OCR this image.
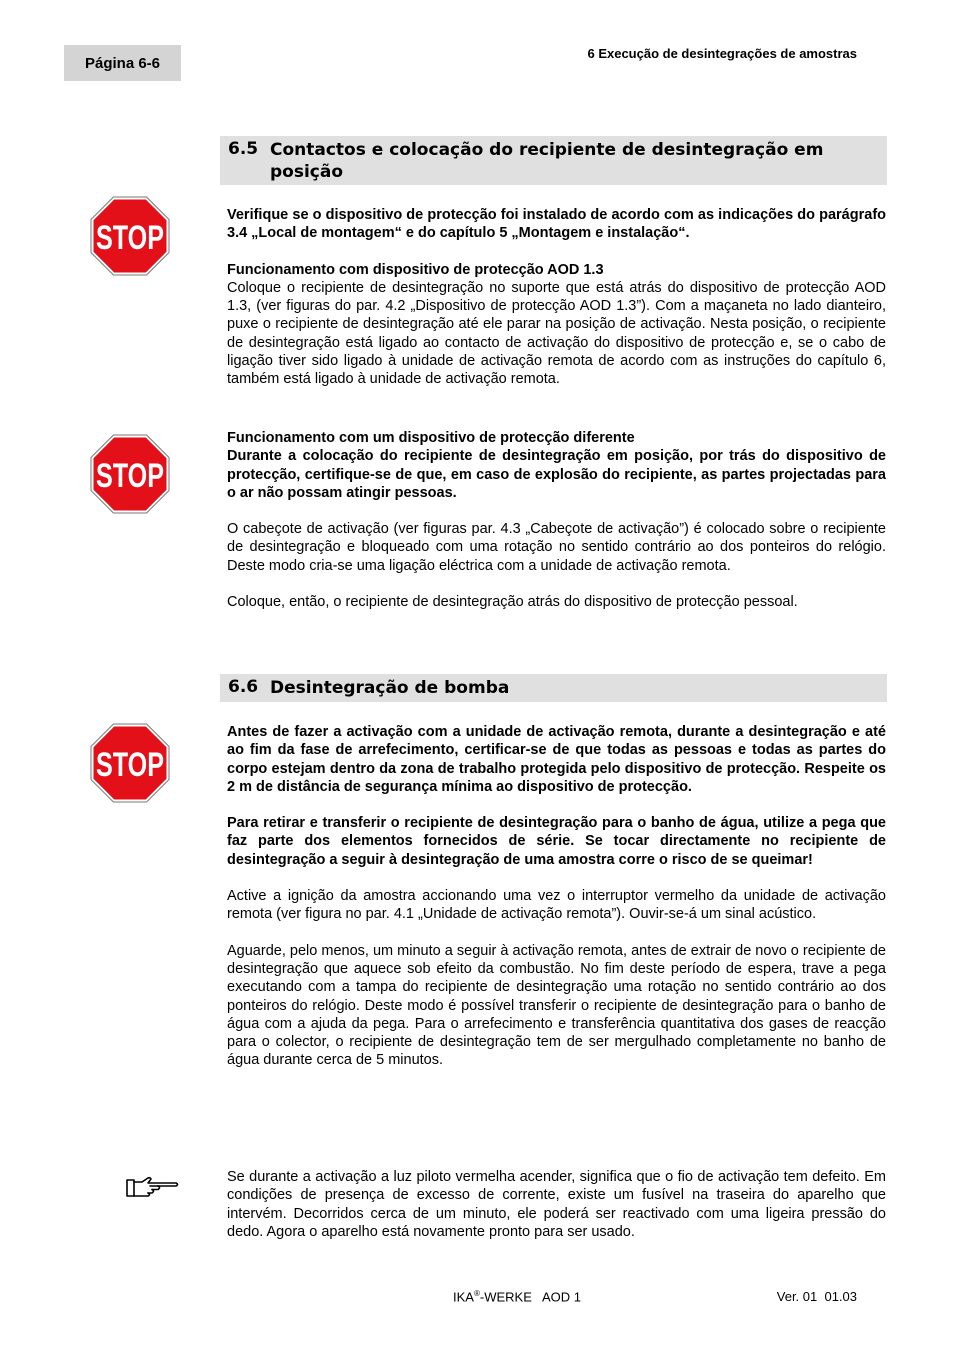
Página 6-6
6 Execução de desintegrações de amostras
6.5 Contactos e colocação do recipiente de desintegração em posição
STOP

Verifique se o dispositivo de protecção foi instalado de acordo com as indicações do parágrafo 3.4 „Local de montagem“ e do capítulo 5 „Montagem e instalação“.

Funcionamento com dispositivo de protecção AOD 1.3

Coloque o recipiente de desintegração no suporte que está atrás do dispositivo de protecção AOD 1.3, (ver figuras do par. 4.2 „Dispositivo de protecção AOD 1.3”). Com a maçaneta no lado dianteiro, puxe o recipiente de desintegração até ele parar na posição de activação. Nesta posição, o recipiente de desintegração está ligado ao contacto de activação do dispositivo de protecção e, se o cabo de ligação tiver sido ligado à unidade de activação remota de acordo com as instruções do capítulo 6, também está ligado à unidade de activação remota.

STOP

Funcionamento com um dispositivo de protecção diferente

Durante a colocação do recipiente de desintegração em posição, por trás do dispositivo de protecção, certifique-se de que, em caso de explosão do recipiente, as partes projectadas para o ar não possam atingir pessoas.

O cabeçote de activação (ver figuras par. 4.3 „Cabeçote de activação”) é colocado sobre o recipiente de desintegração e bloqueado com uma rotação no sentido contrário ao dos ponteiros do relógio. Deste modo cria-se uma ligação eléctrica com a unidade de activação remota.

Coloque, então, o recipiente de desintegração atrás do dispositivo de protecção pessoal.

6.6 Desintegração de bomba
STOP

Antes de fazer a activação com a unidade de activação remota, durante a desintegração e até ao fim da fase de arrefecimento, certificar-se de que todas as pessoas e todas as partes do corpo estejam dentro da zona de trabalho protegida pelo dispositivo de protecção. Respeite os 2 m de distância de segurança mínima ao dispositivo de protecção.

Para retirar e transferir o recipiente de desintegração para o banho de água, utilize a pega que faz parte dos elementos fornecidos de série. Se tocar directamente no recipiente de desintegração a seguir à desintegração de uma amostra corre o risco de se queimar!

Active a ignição da amostra accionando uma vez o interruptor vermelho da unidade de activação remota (ver figura no par. 4.1 „Unidade de activação remota”). Ouvir-se-á um sinal acústico.

Aguarde, pelo menos, um minuto a seguir à activação remota, antes de extrair de novo o recipiente de desintegração que aquece sob efeito da combustão. No fim deste período de espera, trave a pega executando com a tampa do recipiente de desintegração uma rotação no sentido contrário ao dos ponteiros do relógio. Deste modo é possível transferir o recipiente de desintegração para o banho de água com a ajuda da pega. Para o arrefecimento e transferência quantitativa dos gases de reacção para o colector, o recipiente de desintegração tem de ser mergulhado completamente no banho de água durante cerca de 5 minutos.

Se durante a activação a luz piloto vermelha acender, significa que o fio de activação tem defeito. Em condições de presença de excesso de corrente, existe um fusível na traseira do aparelho que intervém. Decorridos cerca de um minuto, ele poderá ser reactivado com uma ligeira pressão do dedo. Agora o aparelho está novamente pronto para ser usado.

IKA®-WERKE   AOD 1	Ver. 01  01.03
